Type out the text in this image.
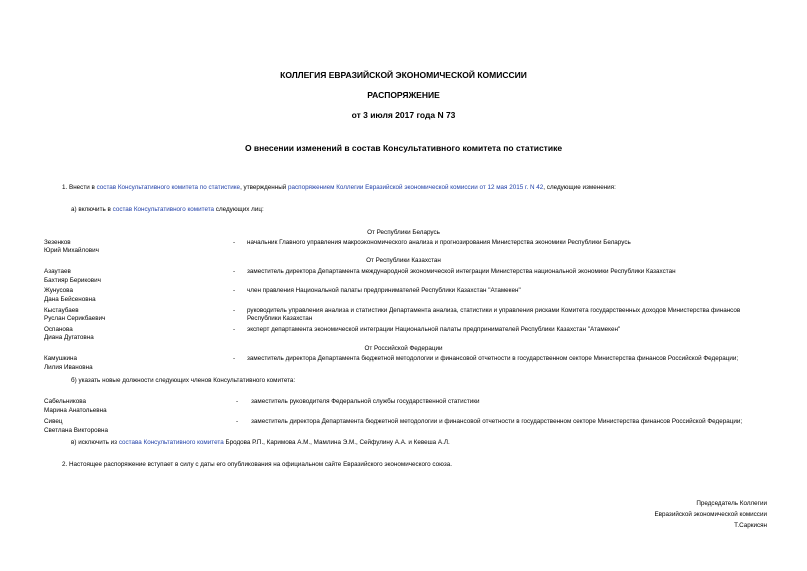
КОЛЛЕГИЯ ЕВРАЗИЙСКОЙ ЭКОНОМИЧЕСКОЙ КОМИССИИ
РАСПОРЯЖЕНИЕ
от 3 июля 2017 года N 73
О внесении изменений в состав Консультативного комитета по статистике
1. Внести в состав Консультативного комитета по статистике, утвержденный распоряжением Коллегии Евразийской экономической комиссии от 12 мая 2015 г. N 42, следующие изменения:
а) включить в состав Консультативного комитета следующих лиц:
От Республики Беларусь
Зезенков
Юрий Михайлович
- начальник Главного управления макроэкономического анализа и прогнозирования Министерства экономики Республики Беларусь
От Республики Казахстан
Азаутаев
Бахтияр Берикович
- заместитель директора Департамента международной экономической интеграции Министерства национальной экономики Республики Казахстан
Жунусова
Дана Бейсеновна
- член правления Национальной палаты предпринимателей Республики Казахстан "Атамекен"
Кыстаубаев
Руслан Серикбаевич
- руководитель управления анализа и статистики Департамента анализа, статистики и управления рисками Комитета государственных доходов Министерства финансов Республики Казахстан
Оспанова
Диана Дугатовна
- эксперт департамента экономической интеграции Национальной палаты предпринимателей Республики Казахстан "Атамекен"
От Российской Федерации
Камушкина
Лилия Ивановна
- заместитель директора Департамента бюджетной методологии и финансовой отчетности в государственном секторе Министерства финансов Российской Федерации;
б) указать новые должности следующих членов Консультативного комитета:
Сабельникова
Марина Анатольевна
- заместитель руководителя Федеральной службы государственной статистики
Сивец
Светлана Викторовна
- заместитель директора Департамента бюджетной методологии и финансовой отчетности в государственном секторе Министерства финансов Российской Федерации;
в) исключить из состава Консультативного комитета Бродова Р.П., Каримова А.М., Мамлина Э.М., Сейфулину А.А. и Кевеша А.Л.
2. Настоящее распоряжение вступает в силу с даты его опубликования на официальном сайте Евразийского экономического союза.
Председатель Коллегии
Евразийской экономической комиссии
Т.Саркисян
